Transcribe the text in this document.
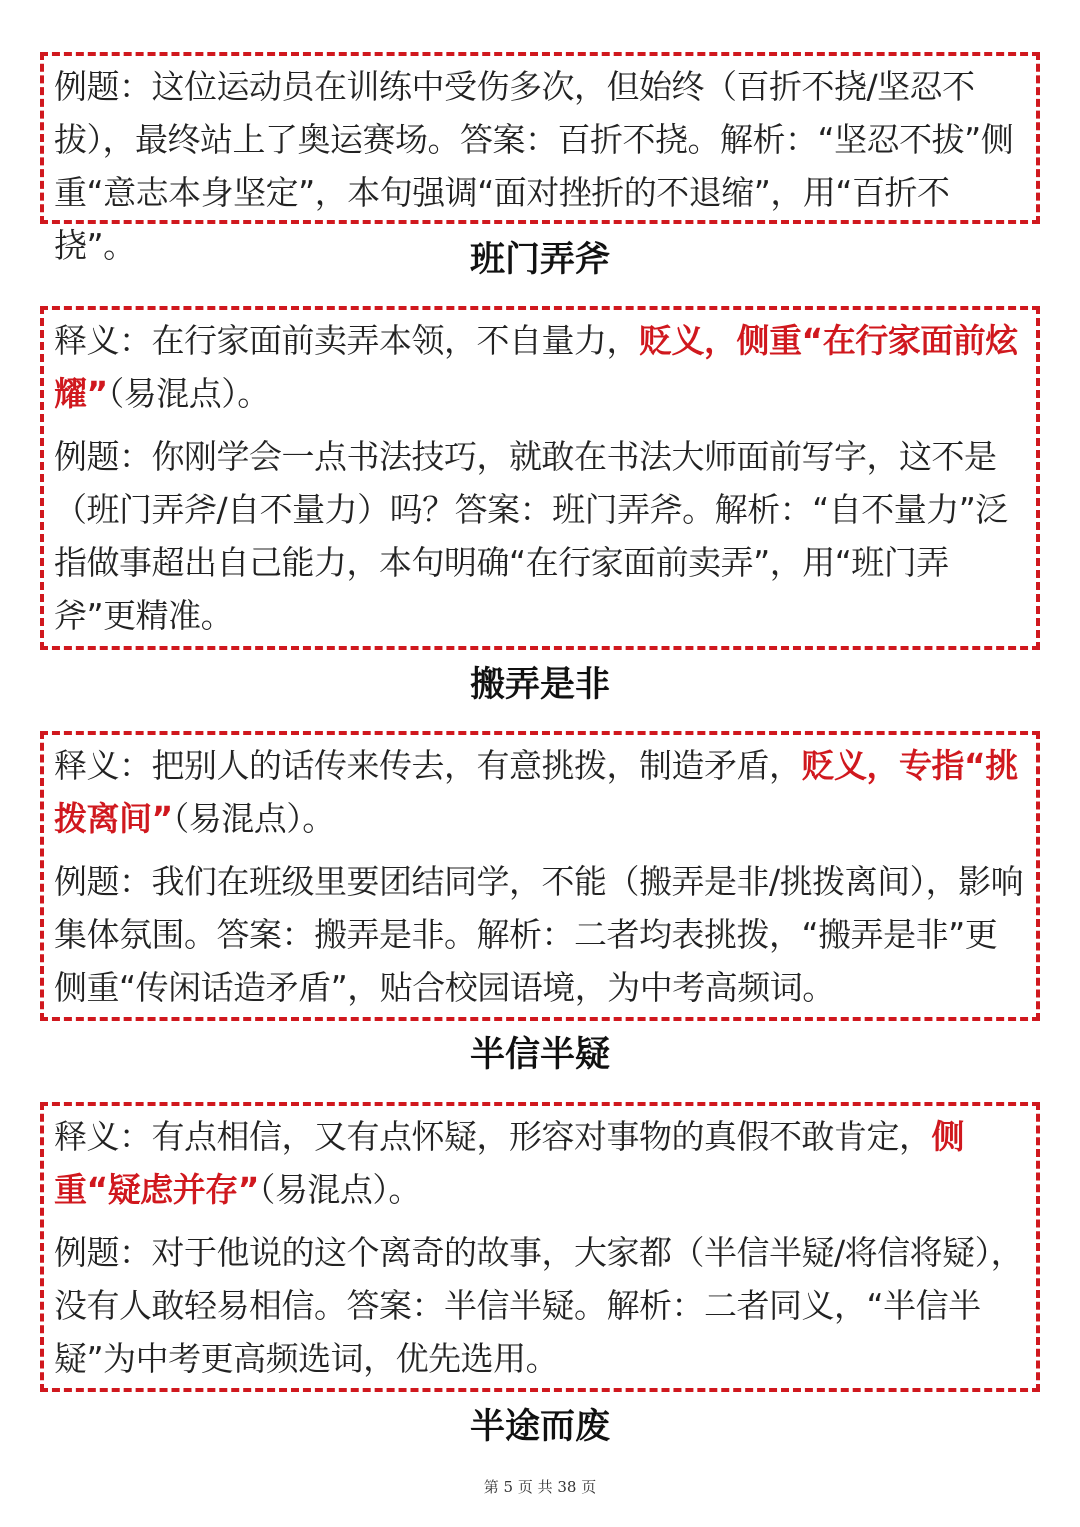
例题：这位运动员在训练中受伤多次，但始终（百折不挠/坚忍不拔），最终站上了奥运赛场。答案：百折不挠。解析：“坚忍不拔”侧重“意志本身坚定”，本句强调“面对挫折的不退缩”，用“百折不挠”。	班门弄斧

释义：在行家面前卖弄本领，不自量力，贬义，侧重“在行家面前炫耀”（易混点）。

例题：你刚学会一点书法技巧，就敢在书法大师面前写字，这不是（班门弄斧/自不量力）吗？答案：班门弄斧。解析：“自不量力”泛指做事超出自己能力，本句明确“在行家面前卖弄”，用“班门弄斧”更精准。

搬弄是非

释义：把别人的话传来传去，有意挑拨，制造矛盾，贬义，专指“挑拨离间”（易混点）。

例题：我们在班级里要团结同学，不能（搬弄是非/挑拨离间），影响集体氛围。答案：搬弄是非。解析：二者均表挑拨，“搬弄是非”更侧重“传闲话造矛盾”，贴合校园语境，为中考高频词。

半信半疑

释义：有点相信，又有点怀疑，形容对事物的真假不敢肯定，侧重“疑虑并存”（易混点）。

例题：对于他说的这个离奇的故事，大家都（半信半疑/将信将疑），没有人敢轻易相信。答案：半信半疑。解析：二者同义，“半信半疑”为中考更高频选词，优先选用。

半途而废
第 5 页 共 38 页
